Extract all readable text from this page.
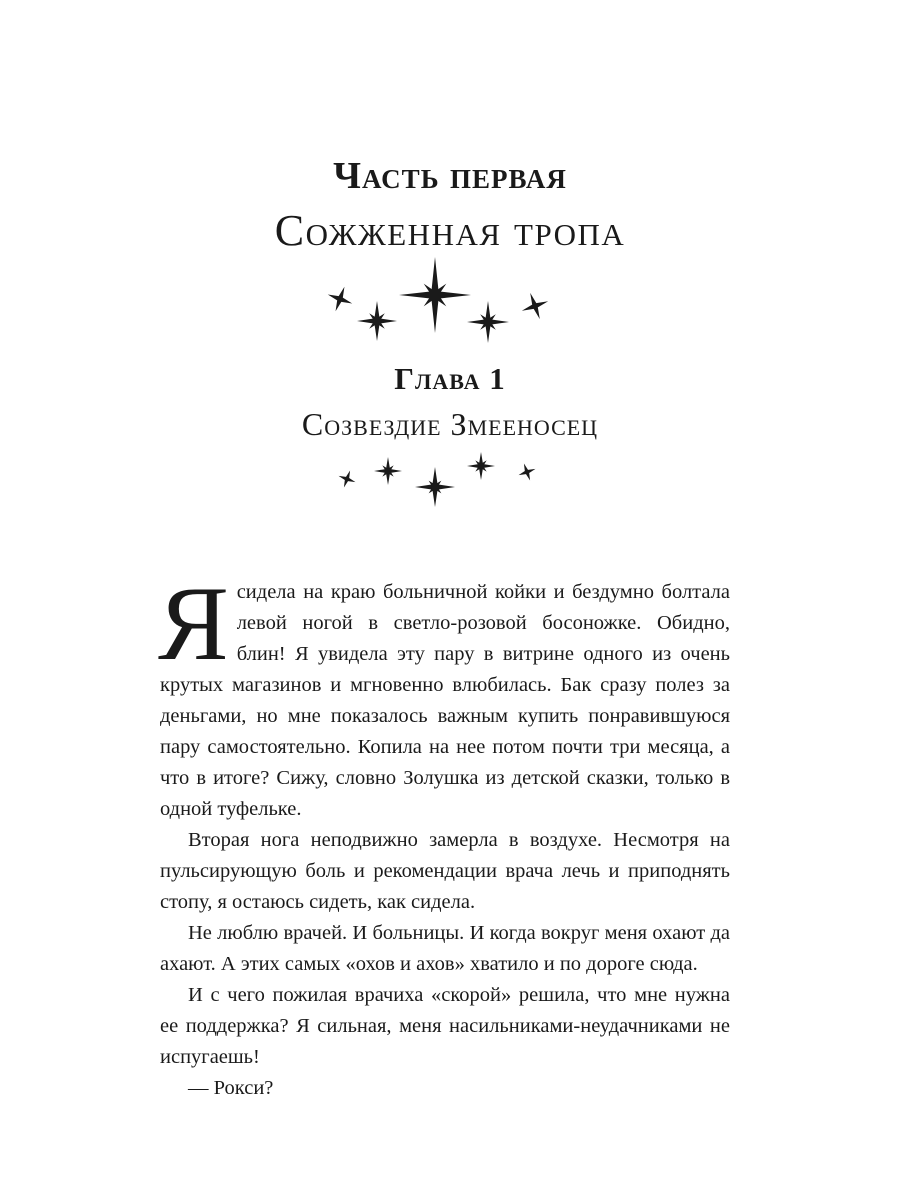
Часть первая
Сожженная тропа
Глава 1
Созвездие Змееносец

Я сидела на краю больничной койки и бездумно болтала левой ногой в светло-розовой босоножке. Обидно, блин! Я увидела эту пару в витрине одного из очень крутых магазинов и мгновенно влюбилась. Бак сразу полез за деньгами, но мне показалось важным купить понравившуюся пару самостоятельно. Копила на нее потом почти три месяца, а что в итоге? Сижу, словно Золушка из детской сказки, только в одной туфельке.

Вторая нога неподвижно замерла в воздухе. Несмотря на пульсирующую боль и рекомендации врача лечь и приподнять стопу, я остаюсь сидеть, как сидела.

Не люблю врачей. И больницы. И когда вокруг меня охают да ахают. А этих самых «охов и ахов» хватило и по дороге сюда.

И с чего пожилая врачиха «скорой» решила, что мне нужна ее поддержка? Я сильная, меня насильниками-неудачниками не испугаешь!

— Рокси?
